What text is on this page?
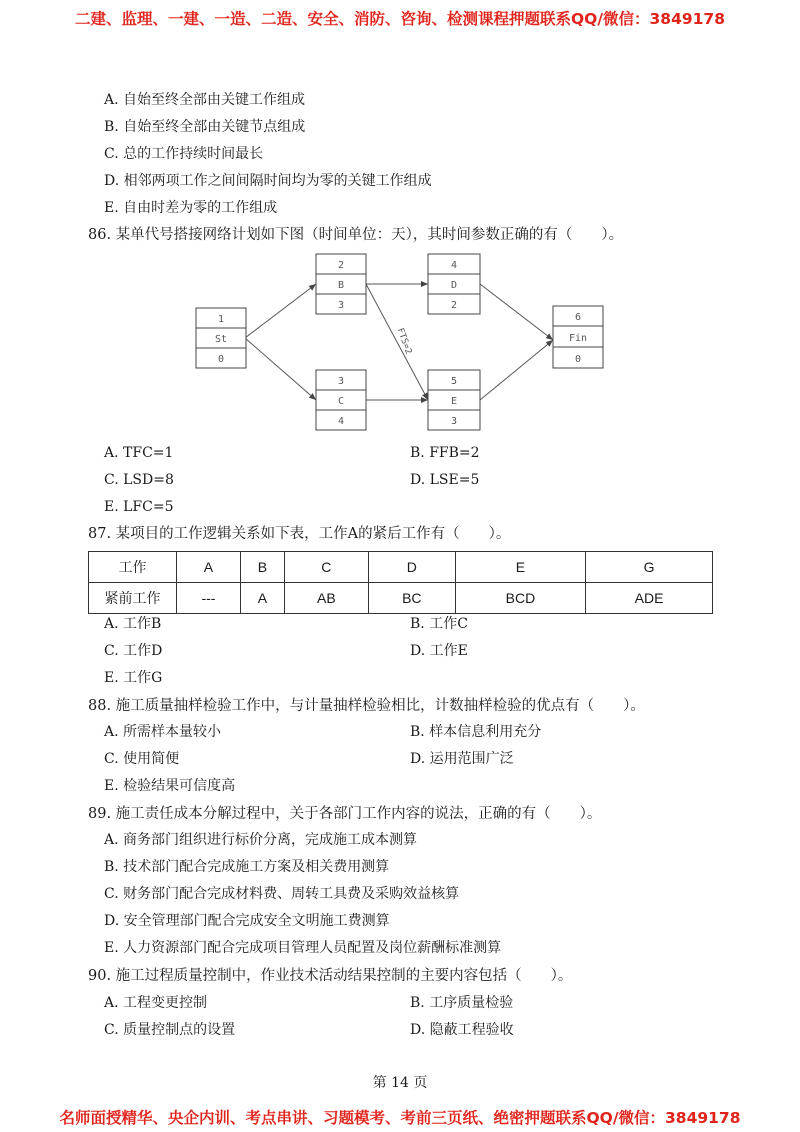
二建、监理、一建、一造、二造、安全、消防、咨询、检测课程押题联系QQ/微信：3849178
A. 自始至终全部由关键工作组成
B. 自始至终全部由关键节点组成
C. 总的工作持续时间最长
D. 相邻两项工作之间间隔时间均为零的关键工作组成
E. 自由时差为零的工作组成
86. 某单代号搭接网络计划如下图（时间单位：天），其时间参数正确的有（　　）。
1
St
0
2
B
3
3
C
4
4
D
2
5
E
3
6
Fin
0
FTS=2
A. TFC=1	B. FFB=2
C. LSD=8	D. LSE=5
E. LFC=5
87. 某项目的工作逻辑关系如下表，工作A的紧后工作有（　　）。
工作	A	B	C	D	E	G
紧前工作	---	A	AB	BC	BCD	ADE
A. 工作B	B. 工作C
C. 工作D	D. 工作E
E. 工作G
88. 施工质量抽样检验工作中，与计量抽样检验相比，计数抽样检验的优点有（　　）。
A. 所需样本量较小	B. 样本信息利用充分
C. 使用简便	D. 运用范围广泛
E. 检验结果可信度高
89. 施工责任成本分解过程中，关于各部门工作内容的说法，正确的有（　　）。
A. 商务部门组织进行标价分离，完成施工成本测算
B. 技术部门配合完成施工方案及相关费用测算
C. 财务部门配合完成材料费、周转工具费及采购效益核算
D. 安全管理部门配合完成安全文明施工费测算
E. 人力资源部门配合完成项目管理人员配置及岗位薪酬标准测算
90. 施工过程质量控制中，作业技术活动结果控制的主要内容包括（　　）。
A. 工程变更控制	B. 工序质量检验
C. 质量控制点的设置	D. 隐蔽工程验收
第 14 页
名师面授精华、央企内训、考点串讲、习题模考、考前三页纸、绝密押题联系QQ/微信：3849178
